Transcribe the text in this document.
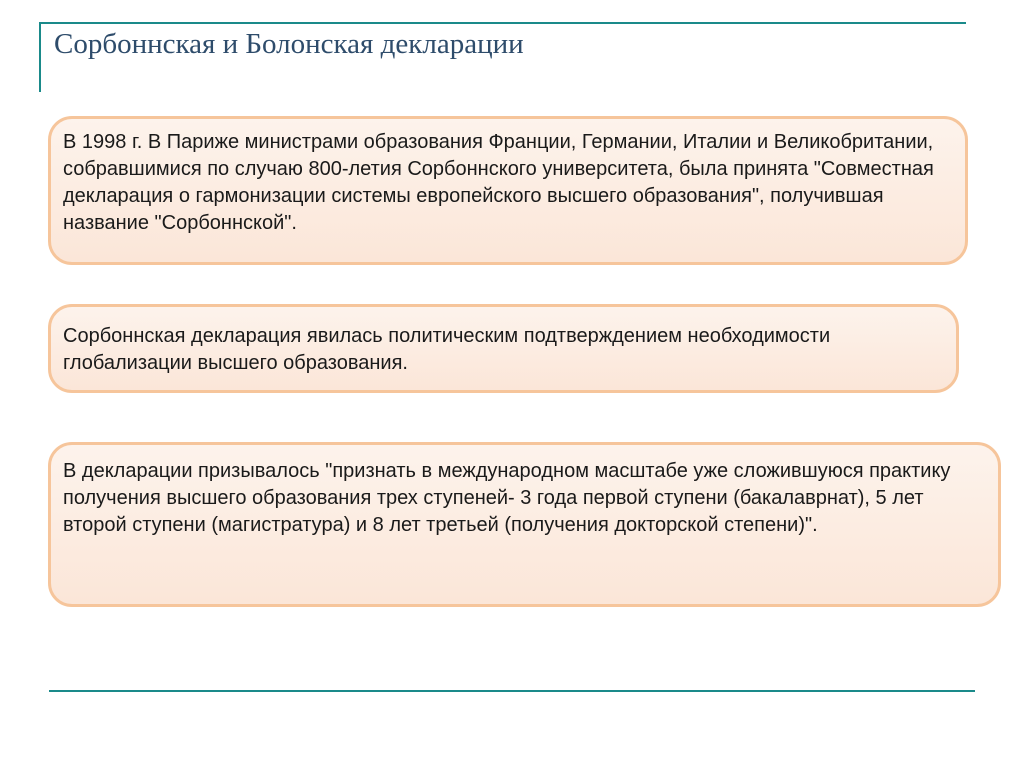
Сорбоннская и Болонская декларации

В 1998 г. В Париже министрами образования Франции, Германии, Италии и Великобритании, собравшимися по случаю 800-летия Сорбоннского университета, была принята "Совместная декларация о гармонизации системы европейского высшего образования", получившая название "Сорбоннской".

Сорбоннская декларация явилась политическим подтверждением необходимости глобализации высшего образования.

В декларации призывалось "признать в международном масштабе уже сложившуюся практику получения высшего образования трех ступеней- 3 года первой ступени (бакалаврнат), 5 лет второй ступени (магистратура) и 8 лет третьей (получения докторской степени)".
